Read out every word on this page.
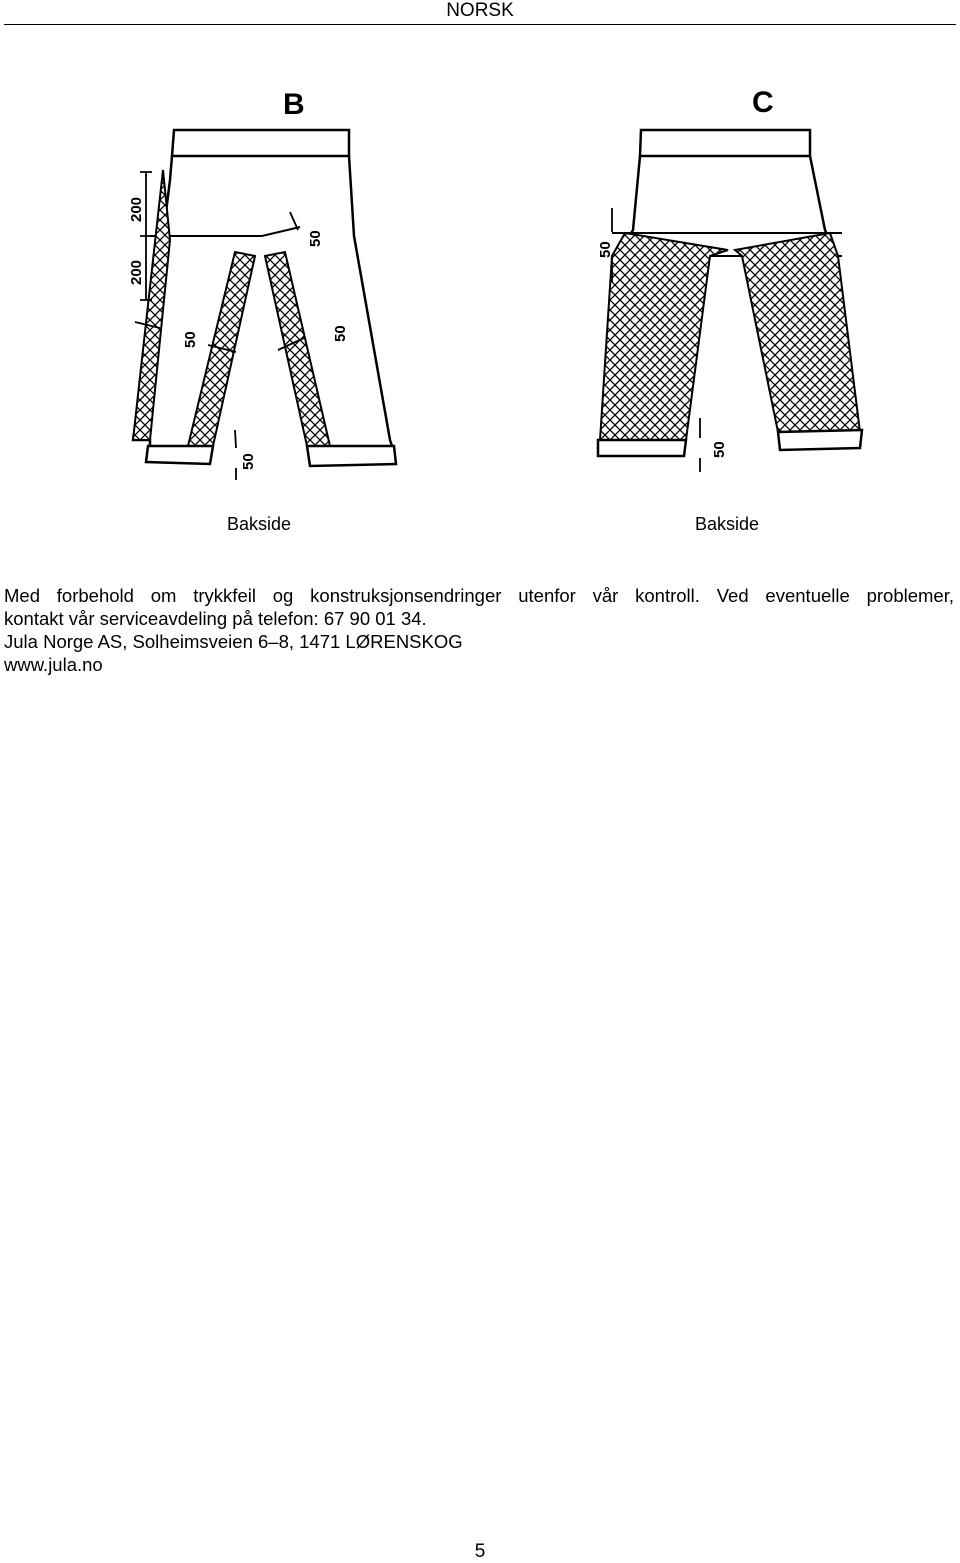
NORSK
B
200
200
50
50	50
50
C
50
50
Bakside	Bakside
Med forbehold om trykkfeil og konstruksjonsendringer utenfor vår kontroll. Ved eventuelle problemer,
kontakt vår serviceavdeling på telefon: 67 90 01 34.
Jula Norge AS, Solheimsveien 6–8, 1471 LØRENSKOG
www.jula.no
5
